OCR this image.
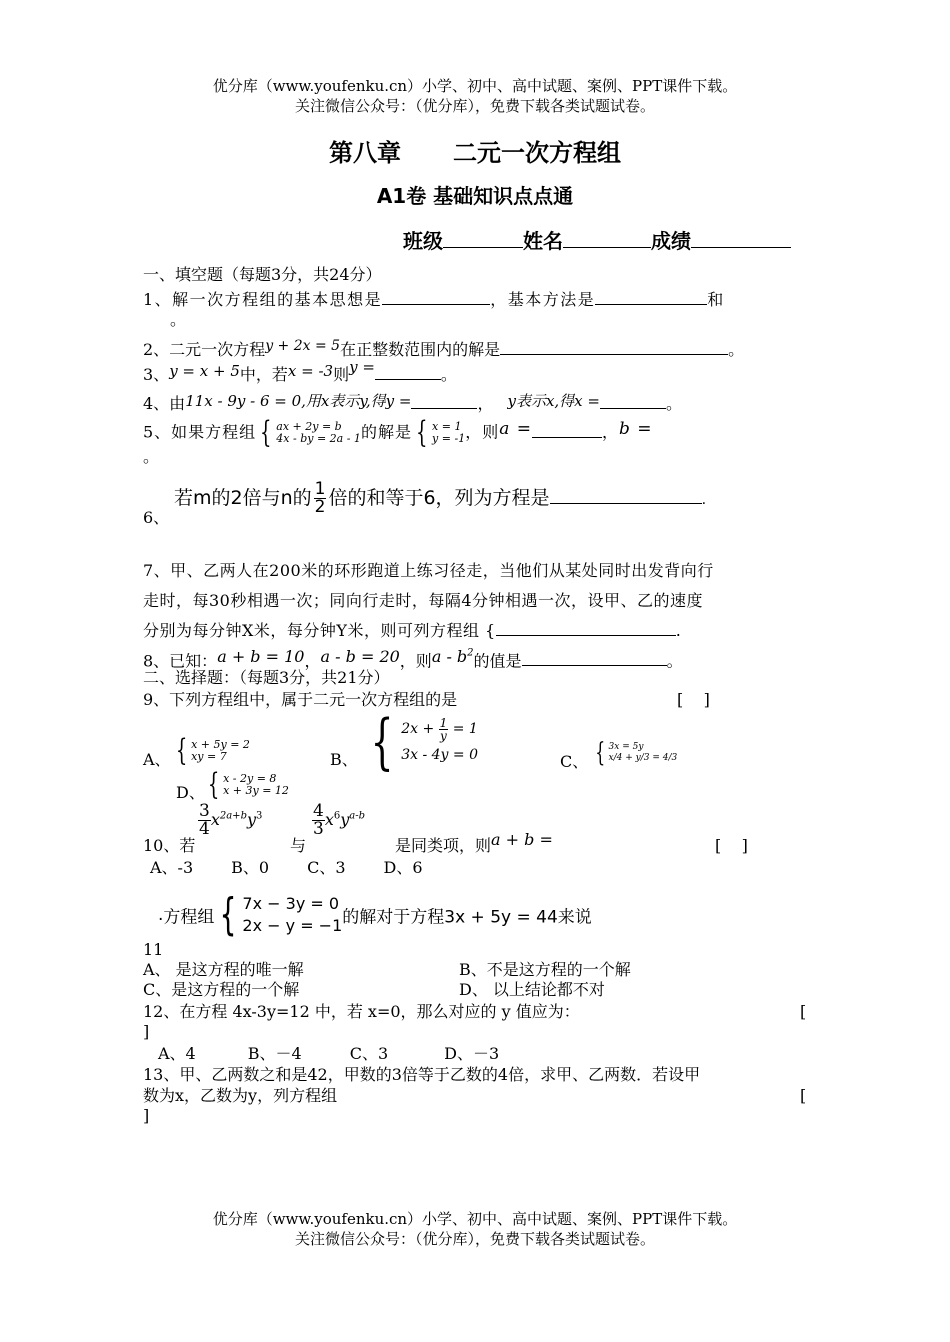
优分库（www.youfenku.cn）小学、初中、高中试题、案例、PPT课件下载。
关注微信公众号：（优分库），免费下载各类试题试卷。
第八章 二元一次方程组
A1卷 基础知识点点通
班级	姓名	成绩
一、填空题（每题3分，共24分）
1、解一次方程组的基本思想是	，基本方法是	和
。
2、二元一次方程y + 2x = 5在正整数范围内的解是	。
3、y = x + 5中，若x = -3则y =	。
4、由11x - 9y - 6 = 0,用x表示y,得y =	， y表示x,得x =	。
5、如果方程组 { ax + 2y = b
4x - by = 2a - 1的解是 { x = 1
y = -1，则a =	，b =
。
若m的2倍与n的 $\frac{1}{2}$ 倍的和等于6，列为方程是	.
6、
7、甲、乙两人在200米的环形跑道上练习径走，当他们从某处同时出发背向行
走时，每30秒相遇一次；同向行走时，每隔4分钟相遇一次，设甲、乙的速度
分别为每分钟X米，每分钟Y米，则可列方程组 {	.
8、已知：a + b = 10，a - b = 20，则a - $b^2$的值是	。
二、选择题：（每题3分，共21分）
9、下列方程组中，属于二元一次方程组的是	[    ]
A、 { x + 5y = 2
xy = 7	B、 { $2x + \frac{1}{y} = 1$
3x - 4y = 0	C、 { 3x = 5y
x/4 + y/3 = 4/3
D、 { x - 2y = 8
x + 3y = 12
$\frac{3}{4} x^{2a+b}y^3$	$\frac{4}{3} x^6y^{a-b}$
10、若	与	是同类项，则a + b =	[    ]
A、-3 B、0 C、3 D、6
.方程组 { 7x − 3y = 0
2x − y = −1的解对于方程3x + 5y = 44来说
11
A、 是这方程的唯一解	B、不是这方程的一个解
C、是这方程的一个解	D、 以上结论都不对
12、在方程 4x-3y=12 中，若 x=0，那么对应的 y 值应为：	[
]
A、4	B、－4	C、3	D、－3
13、甲、乙两数之和是42，甲数的3倍等于乙数的4倍，求甲、乙两数．若设甲
数为x，乙数为y，列方程组	[
]
优分库（www.youfenku.cn）小学、初中、高中试题、案例、PPT课件下载。
关注微信公众号：（优分库），免费下载各类试题试卷。
